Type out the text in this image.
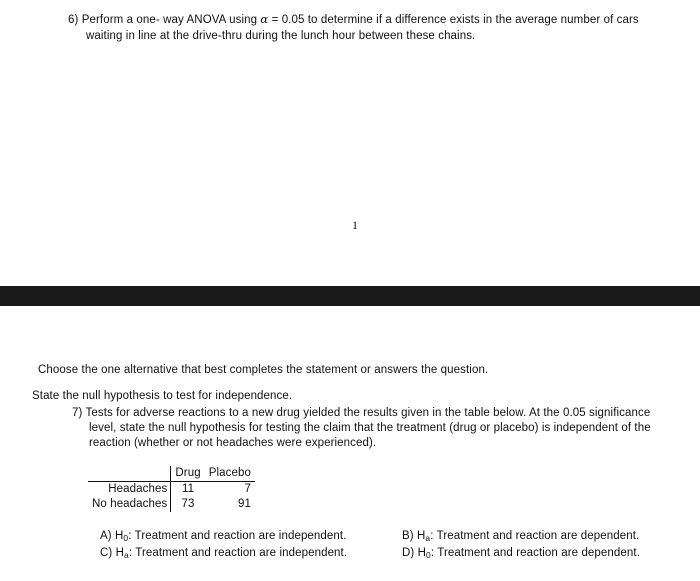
6) Perform a one- way ANOVA using α = 0.05 to determine if a difference exists in the average number of cars
waiting in line at the drive-thru during the lunch hour between these chains.
1
Choose the one alternative that best completes the statement or answers the question.
State the null hypothesis to test for independence.
7) Tests for adverse reactions to a new drug yielded the results given in the table below. At the 0.05 significance
level, state the null hypothesis for testing the claim that the treatment (drug or placebo) is independent of the
reaction (whether or not headaches were experienced).
	Drug	Placebo
Headaches	11	7
No headaches	73	91
A) $H_0$: Treatment and reaction are independent.
C) $H_a$: Treatment and reaction are independent.
B) $H_a$: Treatment and reaction are dependent.
D) $H_0$: Treatment and reaction are dependent.
